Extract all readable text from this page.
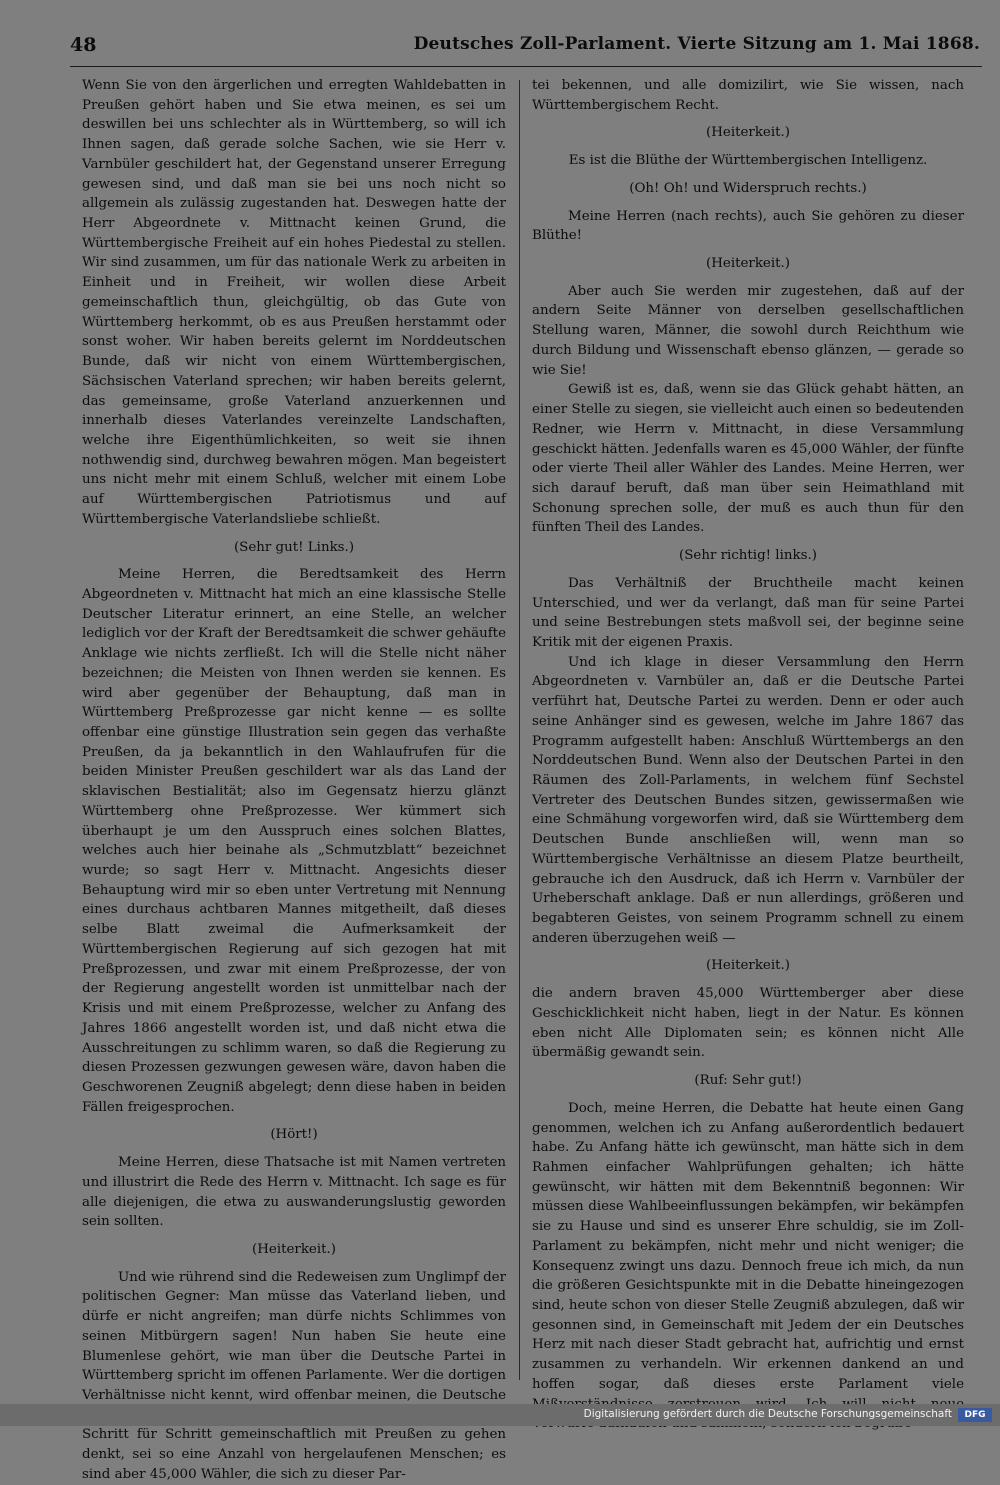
48	Deutsches Zoll-Parlament. Vierte Sitzung am 1. Mai 1868.

Wenn Sie von den ärgerlichen und erregten Wahldebatten in Preußen gehört haben und Sie etwa meinen, es sei um deswillen bei uns schlechter als in Württemberg, so will ich Ihnen sagen, daß gerade solche Sachen, wie sie Herr v. Varnbüler geschildert hat, der Gegenstand unserer Erregung gewesen sind, und daß man sie bei uns noch nicht so allgemein als zulässig zugestanden hat. Deswegen hatte der Herr Abgeordnete v. Mittnacht keinen Grund, die Württembergische Freiheit auf ein hohes Piedestal zu stellen. Wir sind zusammen, um für das nationale Werk zu arbeiten in Einheit und in Freiheit, wir wollen diese Arbeit gemeinschaftlich thun, gleichgültig, ob das Gute von Württemberg herkommt, ob es aus Preußen herstammt oder sonst woher. Wir haben bereits gelernt im Norddeutschen Bunde, daß wir nicht von einem Württembergischen, Sächsischen Vaterland sprechen; wir haben bereits gelernt, das gemeinsame, große Vaterland anzuerkennen und innerhalb dieses Vaterlandes vereinzelte Landschaften, welche ihre Eigenthümlichkeiten, so weit sie ihnen nothwendig sind, durchweg bewahren mögen. Man begeistert uns nicht mehr mit einem Schluß, welcher mit einem Lobe auf Württembergischen Patriotismus und auf Württembergische Vaterlandsliebe schließt.

(Sehr gut! Links.)

Meine Herren, die Beredtsamkeit des Herrn Abgeordneten v. Mittnacht hat mich an eine klassische Stelle Deutscher Literatur erinnert, an eine Stelle, an welcher lediglich vor der Kraft der Beredtsamkeit die schwer gehäufte Anklage wie nichts zerfließt. Ich will die Stelle nicht näher bezeichnen; die Meisten von Ihnen werden sie kennen. Es wird aber gegenüber der Behauptung, daß man in Württemberg Preßprozesse gar nicht kenne — es sollte offenbar eine günstige Illustration sein gegen das verhaßte Preußen, da ja bekanntlich in den Wahlaufrufen für die beiden Minister Preußen geschildert war als das Land der sklavischen Bestialität; also im Gegensatz hierzu glänzt Württemberg ohne Preßprozesse. Wer kümmert sich überhaupt je um den Ausspruch eines solchen Blattes, welches auch hier beinahe als „Schmutzblatt“ bezeichnet wurde; so sagt Herr v. Mittnacht. Angesichts dieser Behauptung wird mir so eben unter Vertretung mit Nennung eines durchaus achtbaren Mannes mitgetheilt, daß dieses selbe Blatt zweimal die Aufmerksamkeit der Württembergischen Regierung auf sich gezogen hat mit Preßprozessen, und zwar mit einem Preßprozesse, der von der Regierung angestellt worden ist unmittelbar nach der Krisis und mit einem Preßprozesse, welcher zu Anfang des Jahres 1866 angestellt worden ist, und daß nicht etwa die Ausschreitungen zu schlimm waren, so daß die Regierung zu diesen Prozessen gezwungen gewesen wäre, davon haben die Geschworenen Zeugniß abgelegt; denn diese haben in beiden Fällen freigesprochen.

(Hört!)

Meine Herren, diese Thatsache ist mit Namen vertreten und illustrirt die Rede des Herrn v. Mittnacht. Ich sage es für alle diejenigen, die etwa zu auswanderungslustig geworden sein sollten.

(Heiterkeit.)

Und wie rührend sind die Redeweisen zum Unglimpf der politischen Gegner: Man müsse das Vaterland lieben, und dürfe er nicht angreifen; man dürfe nichts Schlimmes von seinen Mitbürgern sagen! Nun haben Sie heute eine Blumenlese gehört, wie man über die Deutsche Partei in Württemberg spricht im offenen Parlamente. Wer die dortigen Verhältnisse nicht kennt, wird offenbar meinen, die Deutsche Schritt für Schritt gemeinschaftlich mit Preußen zu gehen denkt, sei so eine Anzahl von hergelaufenen Menschen; es sind aber 45,000 Wähler, die sich zu dieser Par-

tei bekennen, und alle domizilirt, wie Sie wissen, nach Württembergischem Recht.

(Heiterkeit.)

Es ist die Blüthe der Württembergischen Intelligenz.

(Oh! Oh! und Widerspruch rechts.)

Meine Herren (nach rechts), auch Sie gehören zu dieser Blüthe!

(Heiterkeit.)

Aber auch Sie werden mir zugestehen, daß auf der andern Seite Männer von derselben gesellschaftlichen Stellung waren, Männer, die sowohl durch Reichthum wie durch Bildung und Wissenschaft ebenso glänzen, — gerade so wie Sie!

Gewiß ist es, daß, wenn sie das Glück gehabt hätten, an einer Stelle zu siegen, sie vielleicht auch einen so bedeutenden Redner, wie Herrn v. Mittnacht, in diese Versammlung geschickt hätten. Jedenfalls waren es 45,000 Wähler, der fünfte oder vierte Theil aller Wähler des Landes. Meine Herren, wer sich darauf beruft, daß man über sein Heimathland mit Schonung sprechen solle, der muß es auch thun für den fünften Theil des Landes.

(Sehr richtig! links.)

Das Verhältniß der Bruchtheile macht keinen Unterschied, und wer da verlangt, daß man für seine Partei und seine Bestrebungen stets maßvoll sei, der beginne seine Kritik mit der eigenen Praxis.

Und ich klage in dieser Versammlung den Herrn Abgeordneten v. Varnbüler an, daß er die Deutsche Partei verführt hat, Deutsche Partei zu werden. Denn er oder auch seine Anhänger sind es gewesen, welche im Jahre 1867 das Programm aufgestellt haben: Anschluß Württembergs an den Norddeutschen Bund. Wenn also der Deutschen Partei in den Räumen des Zoll-Parlaments, in welchem fünf Sechstel Vertreter des Deutschen Bundes sitzen, gewissermaßen wie eine Schmähung vorgeworfen wird, daß sie Württemberg dem Deutschen Bunde anschließen will, wenn man so Württembergische Verhältnisse an diesem Platze beurtheilt, gebrauche ich den Ausdruck, daß ich Herrn v. Varnbüler der Urheberschaft anklage. Daß er nun allerdings, größeren und begabteren Geistes, von seinem Programm schnell zu einem anderen überzugehen weiß —

(Heiterkeit.)

die andern braven 45,000 Württemberger aber diese Geschicklichkeit nicht haben, liegt in der Natur. Es können eben nicht Alle Diplomaten sein; es können nicht Alle übermäßig gewandt sein.

(Ruf: Sehr gut!)

Doch, meine Herren, die Debatte hat heute einen Gang genommen, welchen ich zu Anfang außerordentlich bedauert habe. Zu Anfang hätte ich gewünscht, man hätte sich in dem Rahmen einfacher Wahlprüfungen gehalten; ich hätte gewünscht, wir hätten mit dem Bekenntniß begonnen: Wir müssen diese Wahlbeeinflussungen bekämpfen, wir bekämpfen sie zu Hause und sind es unserer Ehre schuldig, sie im Zoll-Parlament zu bekämpfen, nicht mehr und nicht weniger; die Konsequenz zwingt uns dazu. Dennoch freue ich mich, da nun die größeren Gesichtspunkte mit in die Debatte hineingezogen sind, heute schon von dieser Stelle Zeugniß abzulegen, daß wir gesonnen sind, in Gemeinschaft mit Jedem der ein Deutsches Herz mit nach dieser Stadt gebracht hat, aufrichtig und ernst zusammen zu verhandeln. Wir erkennen dankend an und hoffen sogar, daß dieses erste Parlament viele

Digitalisierung gefördert durch die Deutsche Forschungsgemeinschaft	DFG
